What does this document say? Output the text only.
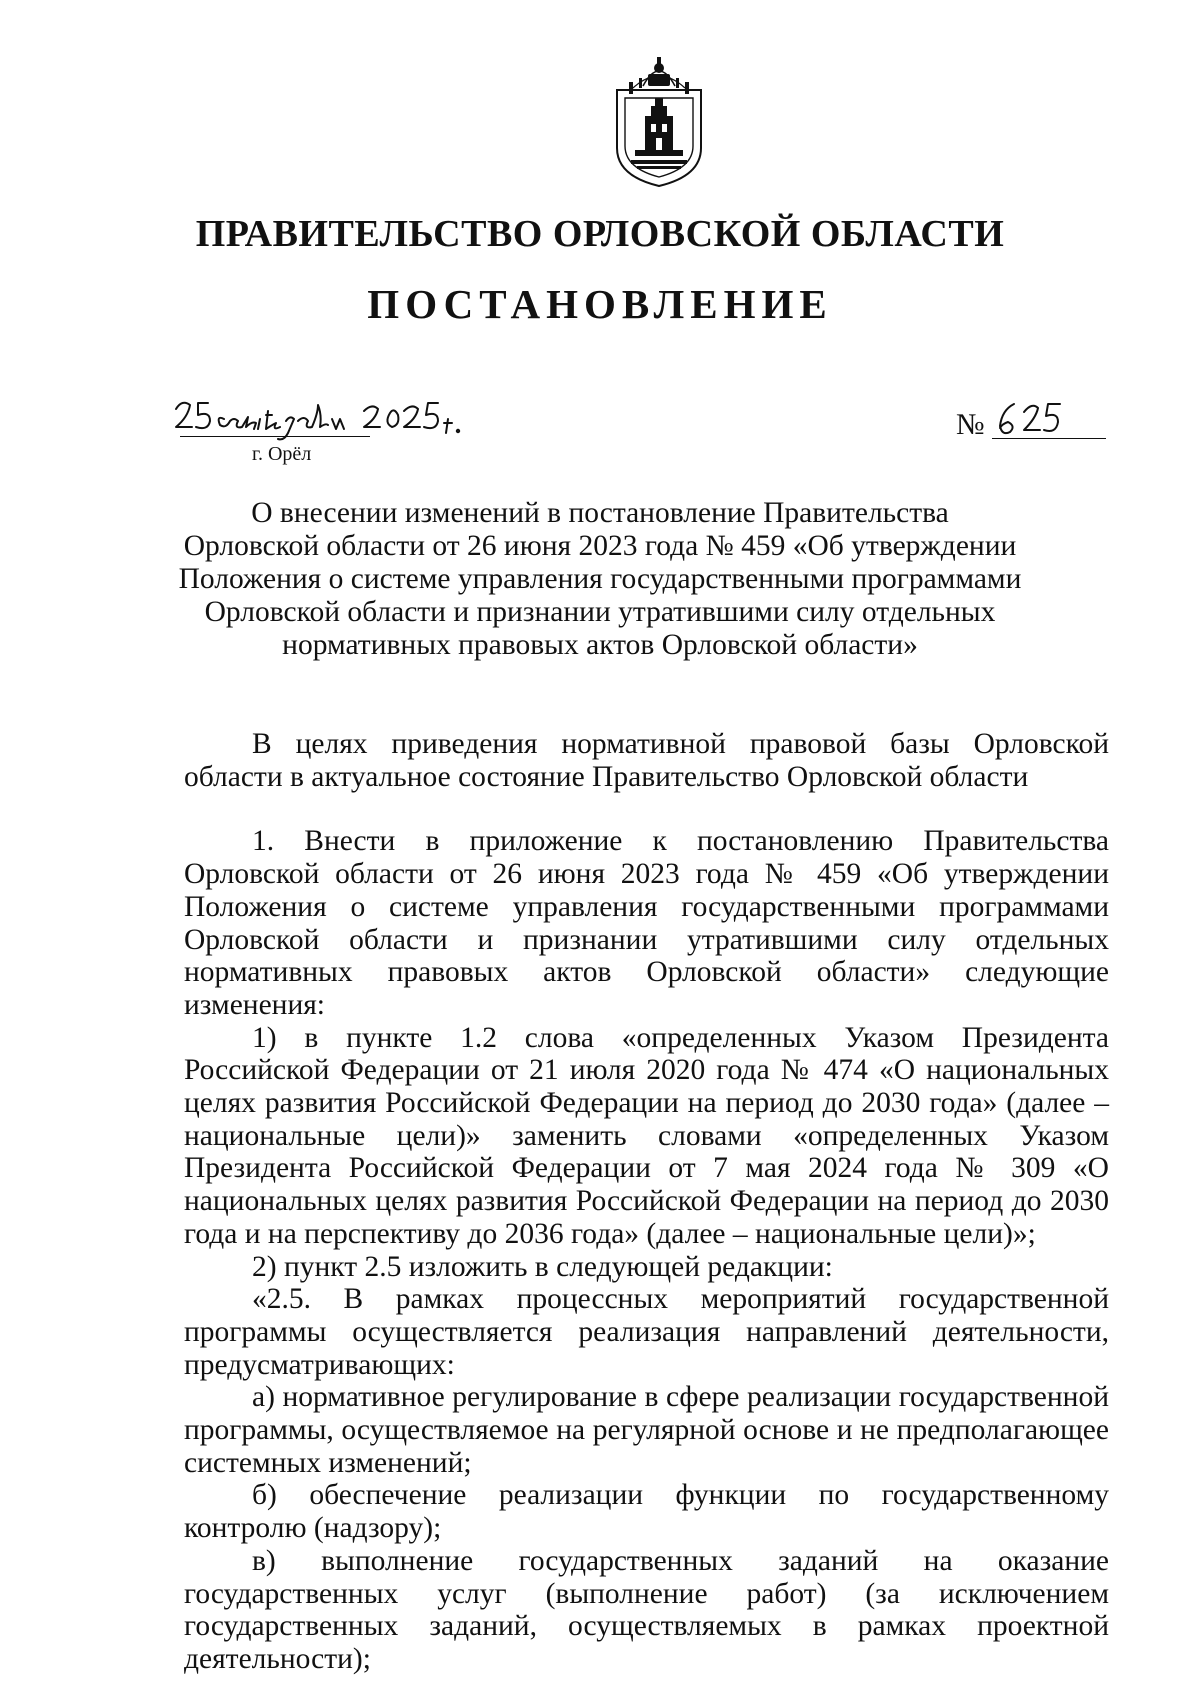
ПРАВИТЕЛЬСТВО ОРЛОВСКОЙ ОБЛАСТИ
ПОСТАНОВЛЕНИЕ
г. Орёл
№
О внесении изменений в постановление Правительства
Орловской области от 26 июня 2023 года № 459 «Об утверждении
Положения о системе управления государственными программами
Орловской области и признании утратившими силу отдельных
нормативных правовых актов Орловской области»

В целях приведения нормативной правовой базы Орловской области в актуальное состояние Правительство Орловской области

1. Внести в приложение к постановлению Правительства Орловской области от 26 июня 2023 года № 459 «Об утверждении Положения о системе управления государственными программами Орловской области и признании утратившими силу отдельных нормативных правовых актов Орловской области» следующие изменения:

1) в пункте 1.2 слова «определенных Указом Президента Российской Федерации от 21 июля 2020 года № 474 «О национальных целях развития Российской Федерации на период до 2030 года» (далее – национальные цели)» заменить словами «определенных Указом Президента Российской Федерации от 7 мая 2024 года № 309 «О национальных целях развития Российской Федерации на период до 2030 года и на перспективу до 2036 года» (далее – национальные цели)»;

2) пункт 2.5 изложить в следующей редакции:

«2.5. В рамках процессных мероприятий государственной программы осуществляется реализация направлений деятельности, предусматривающих:

а) нормативное регулирование в сфере реализации государственной программы, осуществляемое на регулярной основе и не предполагающее системных изменений;

б) обеспечение реализации функции по государственному контролю (надзору);

в) выполнение государственных заданий на оказание государственных услуг (выполнение работ) (за исключением государственных заданий, осуществляемых в рамках проектной деятельности);
